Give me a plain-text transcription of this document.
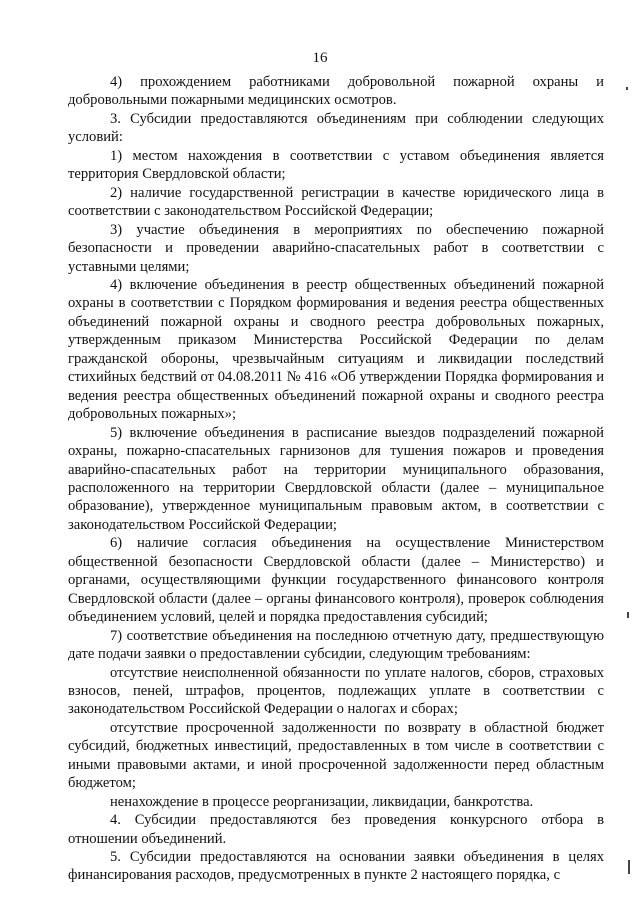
16

4) прохождением работниками добровольной пожарной охраны и добровольными пожарными медицинских осмотров.

3. Субсидии предоставляются объединениям при соблюдении следующих условий:

1) местом нахождения в соответствии с уставом объединения является территория Свердловской области;

2) наличие государственной регистрации в качестве юридического лица в соответствии с законодательством Российской Федерации;

3) участие объединения в мероприятиях по обеспечению пожарной безопасности и проведении аварийно-спасательных работ в соответствии с уставными целями;

4) включение объединения в реестр общественных объединений пожарной охраны в соответствии с Порядком формирования и ведения реестра общественных объединений пожарной охраны и сводного реестра добровольных пожарных, утвержденным приказом Министерства Российской Федерации по делам гражданской обороны, чрезвычайным ситуациям и ликвидации последствий стихийных бедствий от 04.08.2011 № 416 «Об утверждении Порядка формирования и ведения реестра общественных объединений пожарной охраны и сводного реестра добровольных пожарных»;

5) включение объединения в расписание выездов подразделений пожарной охраны, пожарно-спасательных гарнизонов для тушения пожаров и проведения аварийно-спасательных работ на территории муниципального образования, расположенного на территории Свердловской области (далее – муниципальное образование), утвержденное муниципальным правовым актом, в соответствии с законодательством Российской Федерации;

6) наличие согласия объединения на осуществление Министерством общественной безопасности Свердловской области (далее – Министерство) и органами, осуществляющими функции государственного финансового контроля Свердловской области (далее – органы финансового контроля), проверок соблюдения объединением условий, целей и порядка предоставления субсидий;

7) соответствие объединения на последнюю отчетную дату, предшествующую дате подачи заявки о предоставлении субсидии, следующим требованиям:

отсутствие неисполненной обязанности по уплате налогов, сборов, страховых взносов, пеней, штрафов, процентов, подлежащих уплате в соответствии с законодательством Российской Федерации о налогах и сборах;

отсутствие просроченной задолженности по возврату в областной бюджет субсидий, бюджетных инвестиций, предоставленных в том числе в соответствии с иными правовыми актами, и иной просроченной задолженности перед областным бюджетом;

ненахождение в процессе реорганизации, ликвидации, банкротства.

4. Субсидии предоставляются без проведения конкурсного отбора в отношении объединений.

5. Субсидии предоставляются на основании заявки объединения в целях финансирования расходов, предусмотренных в пункте 2 настоящего порядка, с
